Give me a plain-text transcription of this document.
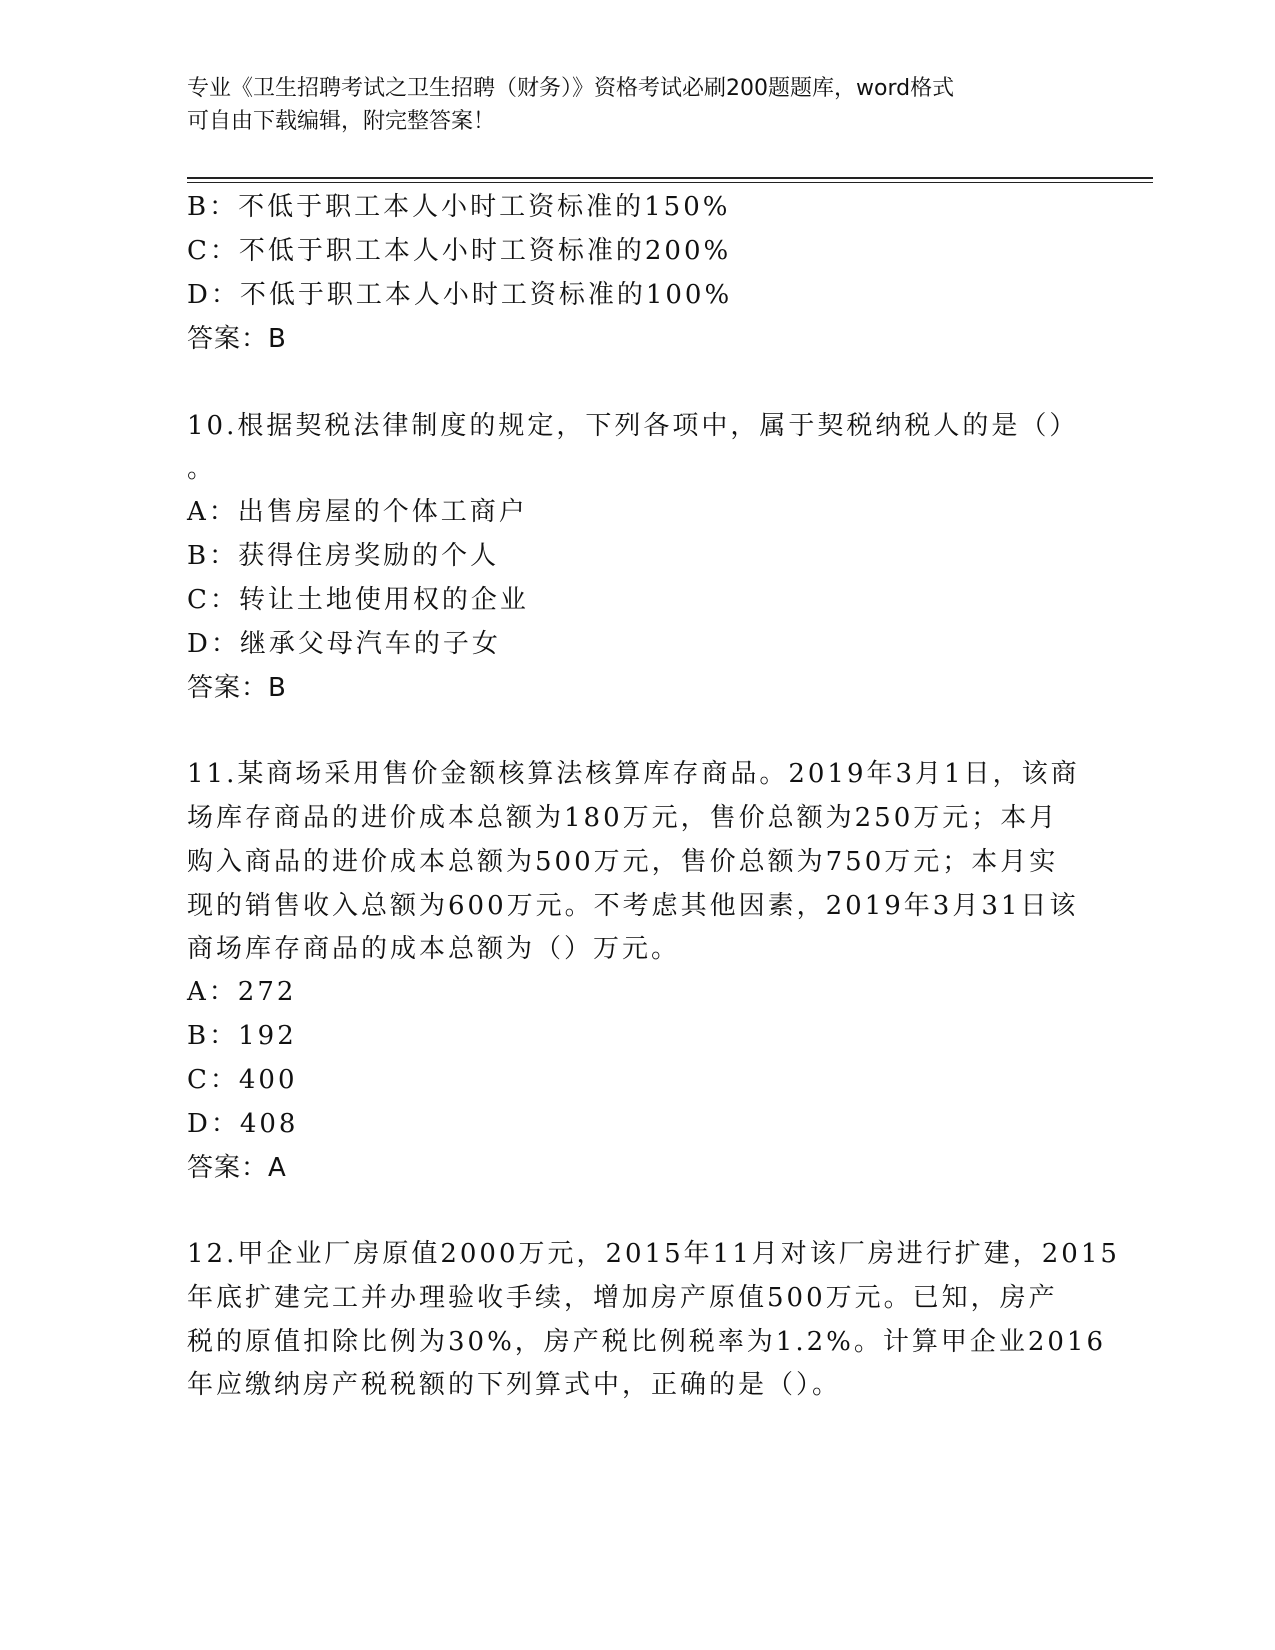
专业《卫生招聘考试之卫生招聘（财务）》资格考试必刷200题题库，word格式
可自由下载编辑，附完整答案！
B：不低于职工本人小时工资标准的150%
C：不低于职工本人小时工资标准的200%
D：不低于职工本人小时工资标准的100%
答案：B
10.根据契税法律制度的规定，下列各项中，属于契税纳税人的是（）
。
A：出售房屋的个体工商户
B：获得住房奖励的个人
C：转让土地使用权的企业
D：继承父母汽车的子女
答案：B
11.某商场采用售价金额核算法核算库存商品。2019年3月1日，该商
场库存商品的进价成本总额为180万元，售价总额为250万元；本月
购入商品的进价成本总额为500万元，售价总额为750万元；本月实
现的销售收入总额为600万元。不考虑其他因素，2019年3月31日该
商场库存商品的成本总额为（）万元。
A：272
B：192
C：400
D：408
答案：A
12.甲企业厂房原值2000万元，2015年11月对该厂房进行扩建，2015
年底扩建完工并办理验收手续，增加房产原值500万元。已知，房产
税的原值扣除比例为30%，房产税比例税率为1.2%。计算甲企业2016
年应缴纳房产税税额的下列算式中，正确的是（）。
